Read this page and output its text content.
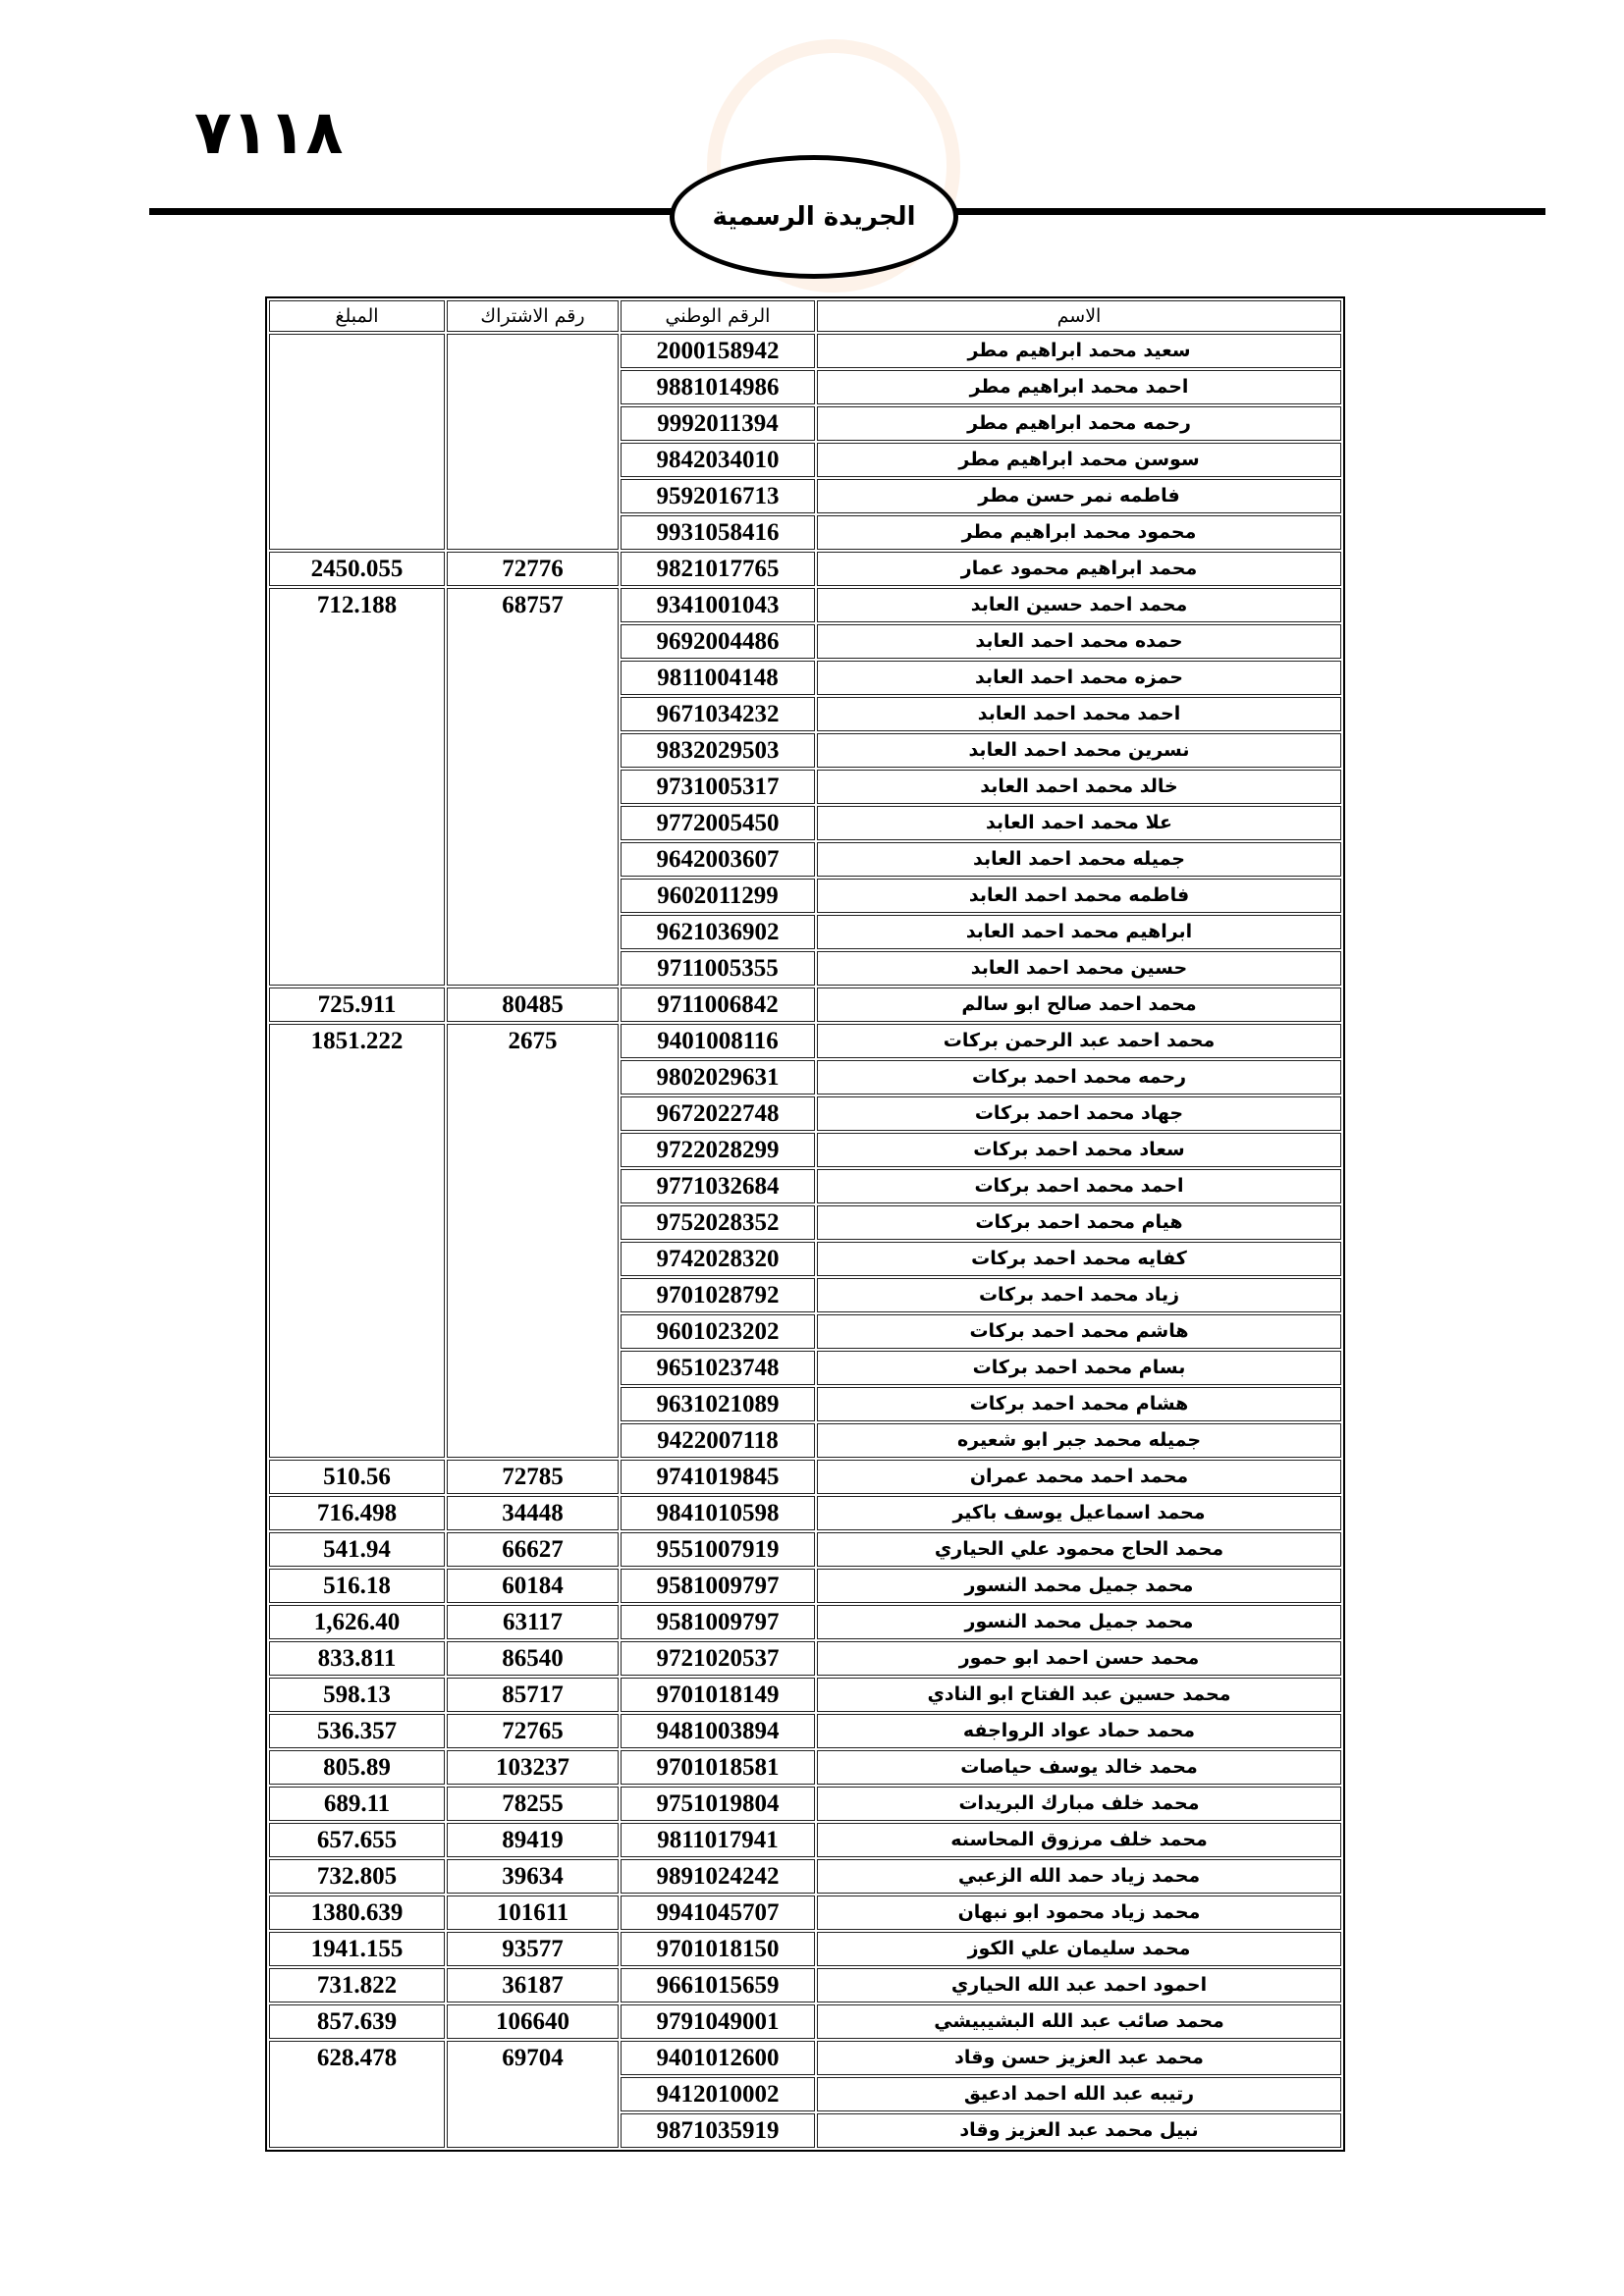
٧١١٨
الجريدة الرسمية
الاسم	الرقم الوطني	رقم الاشتراك	المبلغ
سعيد محمد ابراهيم مطر	2000158942		
احمد محمد ابراهيم مطر	9881014986		
رحمه محمد ابراهيم مطر	9992011394		
سوسن محمد ابراهيم مطر	9842034010		
فاطمه نمر حسن مطر	9592016713		
محمود محمد ابراهيم مطر	9931058416		
محمد ابراهيم محمود عمار	9821017765	72776	2450.055
محمد احمد حسين العابد	9341001043	68757	712.188
حمده محمد احمد العابد	9692004486		
حمزه محمد احمد العابد	9811004148		
احمد محمد احمد العابد	9671034232		
نسرين محمد احمد العابد	9832029503		
خالد محمد احمد العابد	9731005317		
علا محمد احمد العابد	9772005450		
جميله محمد احمد العابد	9642003607		
فاطمه محمد احمد العابد	9602011299		
ابراهيم محمد احمد العابد	9621036902		
حسين محمد احمد العابد	9711005355		
محمد احمد صالح ابو سالم	9711006842	80485	725.911
محمد احمد عبد الرحمن بركات	9401008116	2675	1851.222
رحمه محمد احمد بركات	9802029631		
جهاد محمد احمد بركات	9672022748		
سعاد محمد احمد بركات	9722028299		
احمد محمد احمد بركات	9771032684		
هيام محمد احمد بركات	9752028352		
كفايه محمد احمد بركات	9742028320		
زياد محمد احمد بركات	9701028792		
هاشم محمد احمد بركات	9601023202		
بسام محمد احمد بركات	9651023748		
هشام محمد احمد بركات	9631021089		
جميله محمد جبر ابو شعيره	9422007118		
محمد احمد محمد عمران	9741019845	72785	510.56
محمد اسماعيل يوسف باكير	9841010598	34448	716.498
محمد الحاج محمود علي الحياري	9551007919	66627	541.94
محمد جميل محمد النسور	9581009797	60184	516.18
محمد جميل محمد النسور	9581009797	63117	1,626.40
محمد حسن احمد ابو حمور	9721020537	86540	833.811
محمد حسين عبد الفتاح ابو النادي	9701018149	85717	598.13
محمد حماد عواد الرواجفه	9481003894	72765	536.357
محمد خالد يوسف حياصات	9701018581	103237	805.89
محمد خلف مبارك البريدات	9751019804	78255	689.11
محمد خلف مرزوق المحاسنه	9811017941	89419	657.655
محمد زياد حمد الله الزعبي	9891024242	39634	732.805
محمد زياد محمود ابو نبهان	9941045707	101611	1380.639
محمد سليمان علي الكوز	9701018150	93577	1941.155
احمود احمد عبد الله الحياري	9661015659	36187	731.822
محمد صائب عبد الله البشيبيشي	9791049001	106640	857.639
محمد عبد العزيز حسن وقاد	9401012600	69704	628.478
رتيبه عبد الله احمد ادعيق	9412010002		
نبيل محمد عبد العزيز وقاد	9871035919		
